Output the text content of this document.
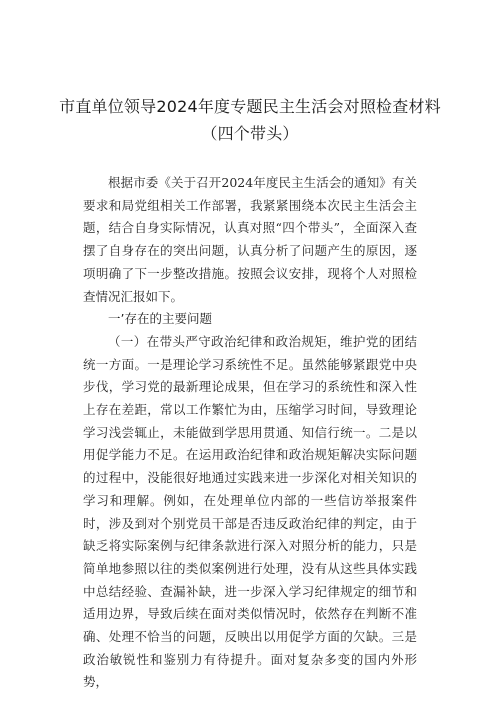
市直单位领导2024年度专题民主生活会对照检查材料
（四个带头）

根据市委《关于召开2024年度民主生活会的通知》有关要求和局党组相关工作部署，我紧紧围绕本次民主生活会主题，结合自身实际情况，认真对照“四个带头”，全面深入查摆了自身存在的突出问题，认真分析了问题产生的原因，逐项明确了下一步整改措施。按照会议安排，现将个人对照检查情况汇报如下。

一’存在的主要问题

（一）在带头严守政治纪律和政治规矩，维护党的团结统一方面。一是理论学习系统性不足。虽然能够紧跟党中央步伐，学习党的最新理论成果，但在学习的系统性和深入性上存在差距，常以工作繁忙为由，压缩学习时间，导致理论学习浅尝辄止，未能做到学思用贯通、知信行统一。二是以用促学能力不足。在运用政治纪律和政治规矩解决实际问题的过程中，没能很好地通过实践来进一步深化对相关知识的学习和理解。例如，在处理单位内部的一些信访举报案件时，涉及到对个别党员干部是否违反政治纪律的判定，由于缺乏将实际案例与纪律条款进行深入对照分析的能力，只是简单地参照以往的类似案例进行处理，没有从这些具体实践中总结经验、查漏补缺，进一步深入学习纪律规定的细节和适用边界，导致后续在面对类似情况时，依然存在判断不准确、处理不恰当的问题，反映出以用促学方面的欠缺。三是政治敏锐性和鉴别力有待提升。面对复杂多变的国内外形势，
